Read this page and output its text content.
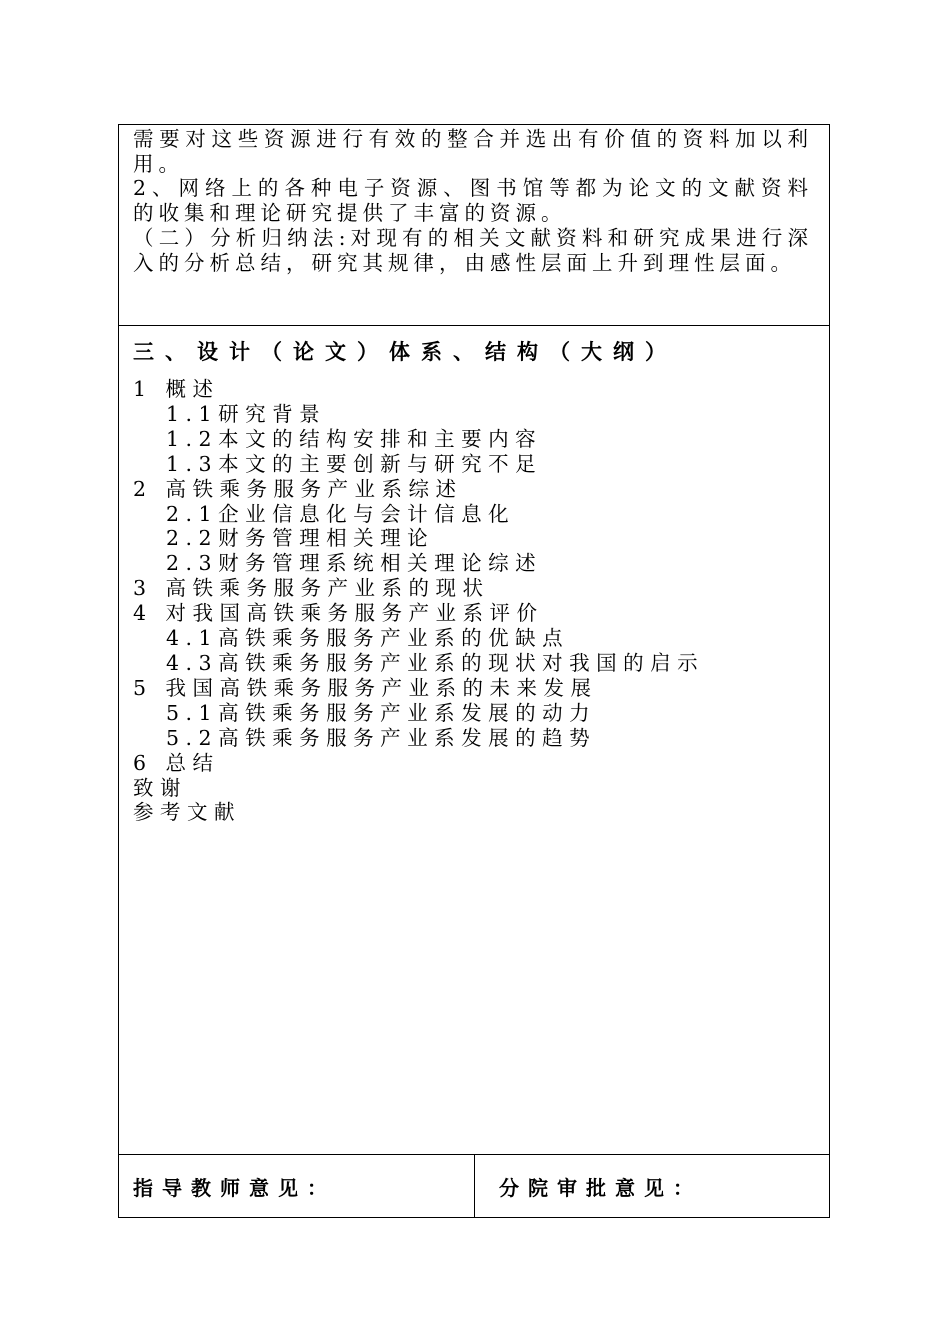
需要对这些资源进行有效的整合并选出有价值的资料加以利用。

2、网络上的各种电子资源、图书馆等都为论文的文献资料的收集和理论研究提供了丰富的资源。

（二）分析归纳法:对现有的相关文献资料和研究成果进行深入的分析总结，研究其规律，由感性层面上升到理性层面。

三、设计（论文）体系、结构（大纲）
1 概述
1.1研究背景
1.2本文的结构安排和主要内容
1.3本文的主要创新与研究不足
2 高铁乘务服务产业系综述
2.1企业信息化与会计信息化
2.2财务管理相关理论
2.3财务管理系统相关理论综述
3 高铁乘务服务产业系的现状
4 对我国高铁乘务服务产业系评价
4.1高铁乘务服务产业系的优缺点
4.3高铁乘务服务产业系的现状对我国的启示
5 我国高铁乘务服务产业系的未来发展
5.1高铁乘务服务产业系发展的动力
5.2高铁乘务服务产业系发展的趋势
6 总结
致谢
参考文献
指导教师意见：	分院审批意见：
